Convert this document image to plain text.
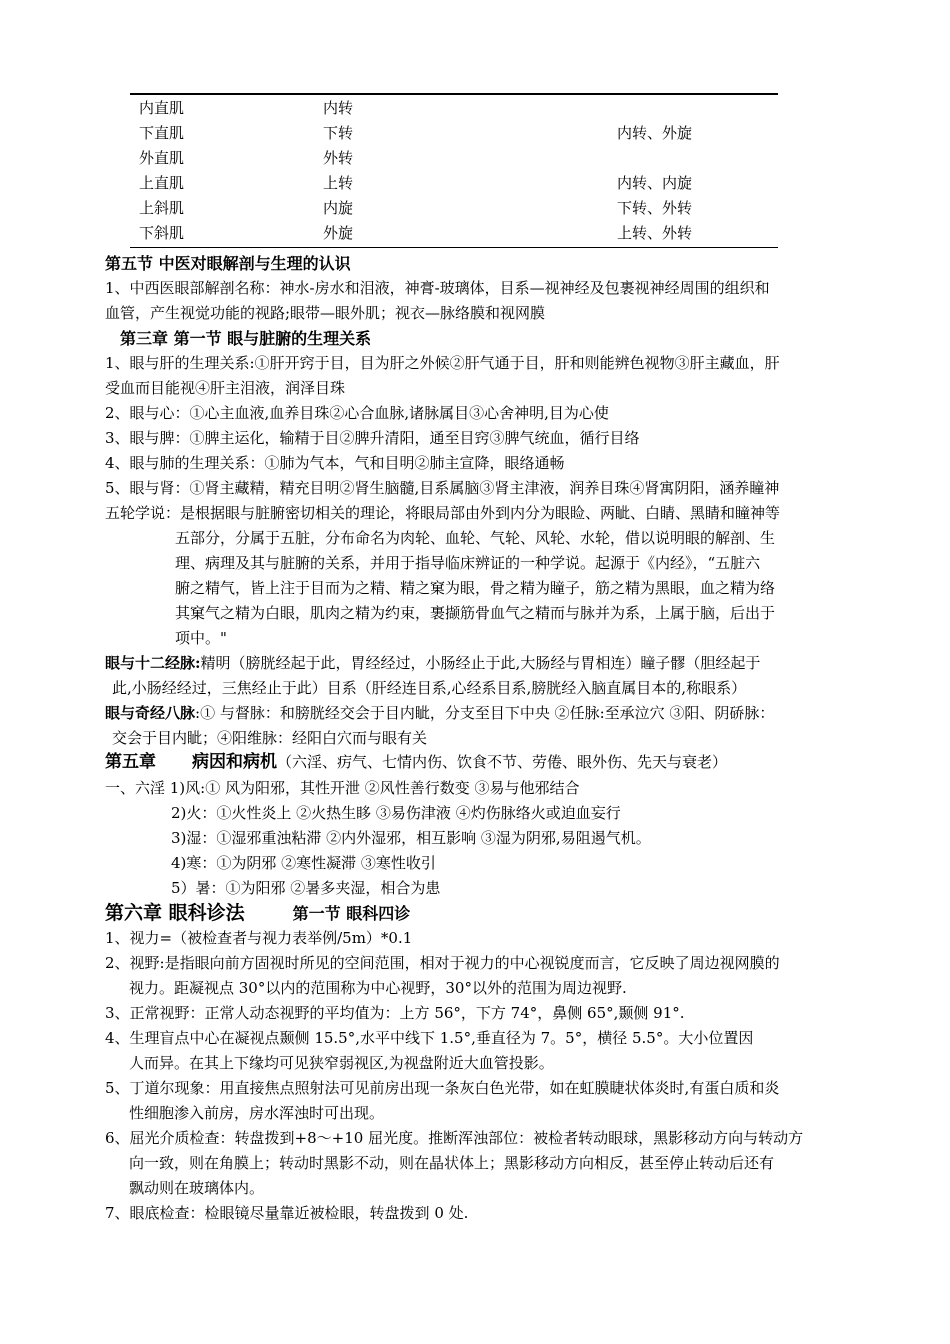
内直肌	内转
下直肌	下转	内转、外旋
外直肌	外转
上直肌	上转	内转、内旋
上斜肌	内旋	下转、外转
下斜肌	外旋	上转、外转
第五节 中医对眼解剖与生理的认识
1、中西医眼部解剖名称：神水-房水和泪液，神膏-玻璃体，目系—视神经及包裹视神经周围的组织和
血管，产生视觉功能的视路;眼带—眼外肌；视衣—脉络膜和视网膜
第三章 第一节 眼与脏腑的生理关系
1、眼与肝的生理关系:①肝开窍于目，目为肝之外候②肝气通于目，肝和则能辨色视物③肝主藏血，肝
受血而目能视④肝主泪液，润泽目珠
2、眼与心：①心主血液,血养目珠②心合血脉,诸脉属目③心舍神明,目为心使
3、眼与脾：①脾主运化，输精于目②脾升清阳，通至目窍③脾气统血，循行目络
4、眼与肺的生理关系：①肺为气本，气和目明②肺主宣降，眼络通畅
5、眼与肾：①肾主藏精，精充目明②肾生脑髓,目系属脑③肾主津液，润养目珠④肾寓阴阳，涵养瞳神
五轮学说：是根据眼与脏腑密切相关的理论，将眼局部由外到内分为眼睑、两眦、白睛、黑睛和瞳神等
五部分，分属于五脏，分布命名为肉轮、血轮、气轮、风轮、水轮，借以说明眼的解剖、生
理、病理及其与脏腑的关系，并用于指导临床辨证的一种学说。起源于《内经》，“五脏六
腑之精气，皆上注于目而为之精、精之窠为眼，骨之精为瞳子，筋之精为黑眼，血之精为络
其窠气之精为白眼，肌肉之精为约束，裹撷筋骨血气之精而与脉并为系，上属于脑，后出于
项中。"
眼与十二经脉:精明（膀胱经起于此，胃经经过，小肠经止于此,大肠经与胃相连）瞳子髎（胆经起于
此,小肠经经过，三焦经止于此）目系（肝经连目系,心经系目系,膀胱经入脑直属目本的,称眼系）
眼与奇经八脉:① 与督脉：和膀胱经交会于目内眦，分支至目下中央 ②任脉:至承泣穴 ③阳、阴硚脉：
交会于目内眦；④阳维脉：经阳白穴而与眼有关
第五章 病因和病机（六淫、疠气、七情内伤、饮食不节、劳倦、眼外伤、先天与衰老）
一、六淫 1)风:① 风为阳邪，其性开泄 ②风性善行数变 ③易与他邪结合
2)火：①火性炎上 ②火热生眵 ③易伤津液 ④灼伤脉络火或迫血妄行
3)湿：①湿邪重浊粘滞 ②内外湿邪，相互影响 ③湿为阴邪,易阻遏气机。
4)寒：①为阴邪 ②寒性凝滞 ③寒性收引
5）暑：①为阳邪 ②暑多夹湿，相合为患
第六章 眼科诊法	第一节 眼科四诊
1、视力=（被检查者与视力表举例/5m）*0.1
2、视野:是指眼向前方固视时所见的空间范围，相对于视力的中心视锐度而言，它反映了周边视网膜的
视力。距凝视点 30°以内的范围称为中心视野，30°以外的范围为周边视野.
3、正常视野：正常人动态视野的平均值为：上方 56°，下方 74°，鼻侧 65°,颞侧 91°.
4、生理盲点中心在凝视点颞侧 15.5°,水平中线下 1.5°,垂直径为 7。5°，横径 5.5°。大小位置因
人而异。在其上下缘均可见狭窄弱视区,为视盘附近大血管投影。
5、丁道尔现象：用直接焦点照射法可见前房出现一条灰白色光带，如在虹膜睫状体炎时,有蛋白质和炎
性细胞渗入前房，房水浑浊时可出现。
6、屈光介质检查：转盘拨到+8～+10 屈光度。推断浑浊部位：被检者转动眼球，黑影移动方向与转动方
向一致，则在角膜上；转动时黑影不动，则在晶状体上；黑影移动方向相反，甚至停止转动后还有
飘动则在玻璃体内。
7、眼底检查：检眼镜尽量靠近被检眼，转盘拨到 0 处.
